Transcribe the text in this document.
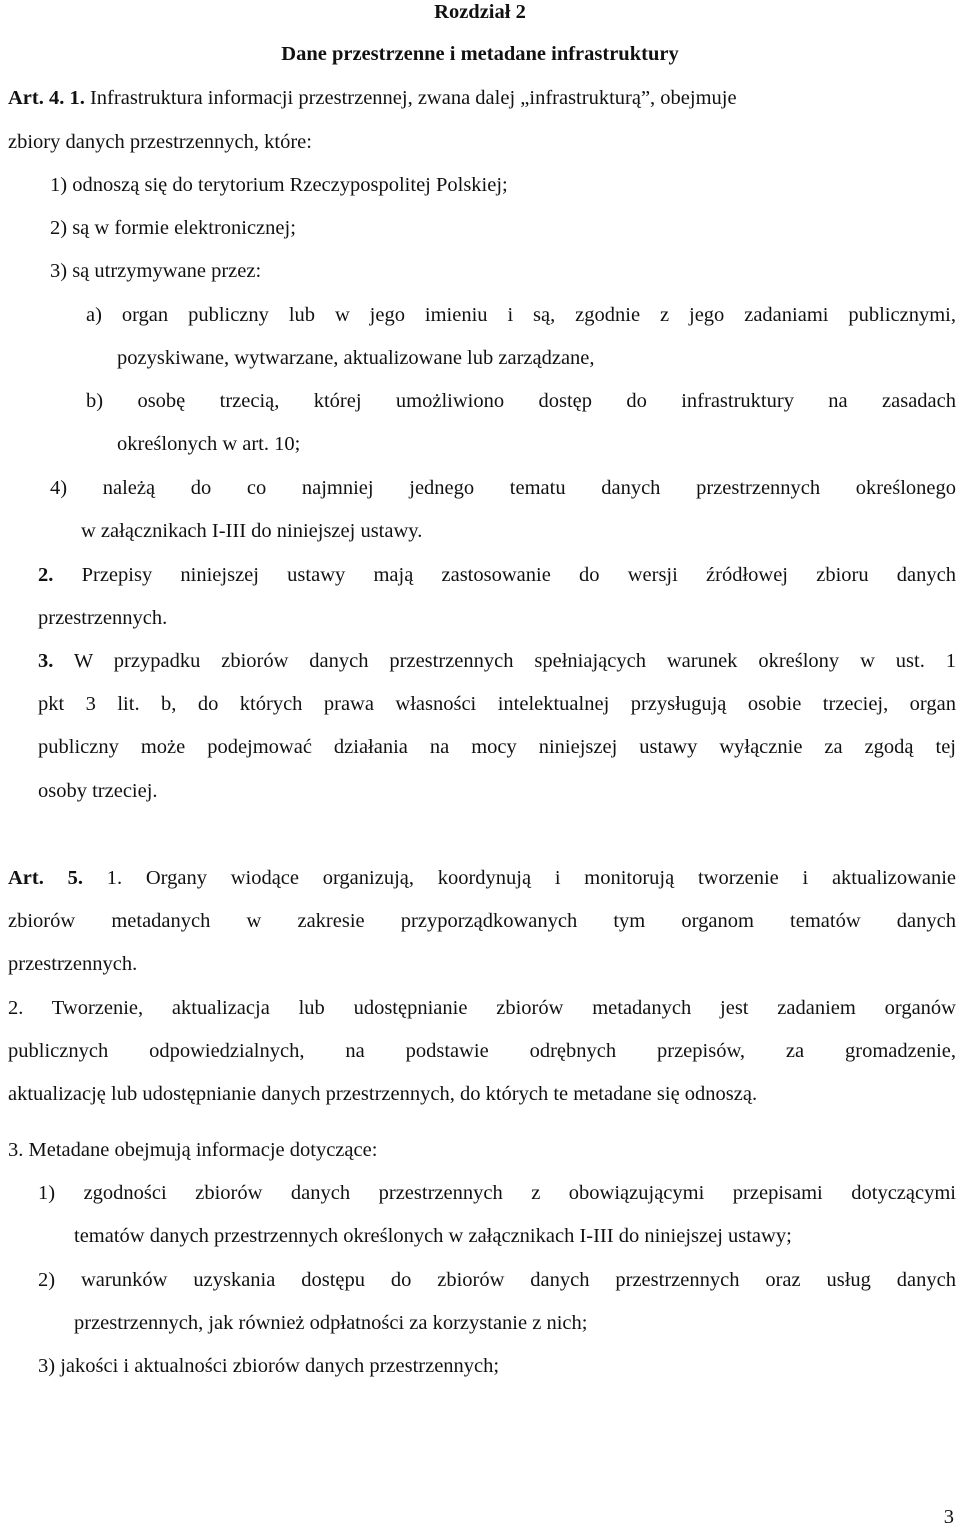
Rozdział 2
Dane przestrzenne i metadane infrastruktury
Art. 4. 1. Infrastruktura informacji przestrzennej, zwana dalej „infrastrukturą”, obejmuje
zbiory danych przestrzennych, które:
1) odnoszą się do terytorium Rzeczypospolitej Polskiej;
2) są w formie elektronicznej;
3) są utrzymywane przez:
a) organ publiczny lub w jego imieniu i są, zgodnie z jego zadaniami publicznymi,
pozyskiwane, wytwarzane, aktualizowane lub zarządzane,
b) osobę trzecią, której umożliwiono dostęp do infrastruktury na zasadach
określonych w art. 10;
4) należą do co najmniej jednego tematu danych przestrzennych określonego
w załącznikach I-III do niniejszej ustawy.
2. Przepisy niniejszej ustawy mają zastosowanie do wersji źródłowej zbioru danych
przestrzennych.
3. W przypadku zbiorów danych przestrzennych spełniających warunek określony w ust. 1
pkt 3 lit. b, do których prawa własności intelektualnej przysługują osobie trzeciej, organ
publiczny może podejmować działania na mocy niniejszej ustawy wyłącznie za zgodą tej
osoby trzeciej.
Art. 5. 1. Organy wiodące organizują, koordynują i monitorują tworzenie i aktualizowanie
zbiorów metadanych w zakresie przyporządkowanych tym organom tematów danych
przestrzennych.
2. Tworzenie, aktualizacja lub udostępnianie zbiorów metadanych jest zadaniem organów
publicznych odpowiedzialnych, na podstawie odrębnych przepisów, za gromadzenie,
aktualizację lub udostępnianie danych przestrzennych, do których te metadane się odnoszą.
3. Metadane obejmują informacje dotyczące:
1) zgodności zbiorów danych przestrzennych z obowiązującymi przepisami dotyczącymi
tematów danych przestrzennych określonych w załącznikach I-III do niniejszej ustawy;
2) warunków uzyskania dostępu do zbiorów danych przestrzennych oraz usług danych
przestrzennych, jak również odpłatności za korzystanie z nich;
3) jakości i aktualności zbiorów danych przestrzennych;
3
